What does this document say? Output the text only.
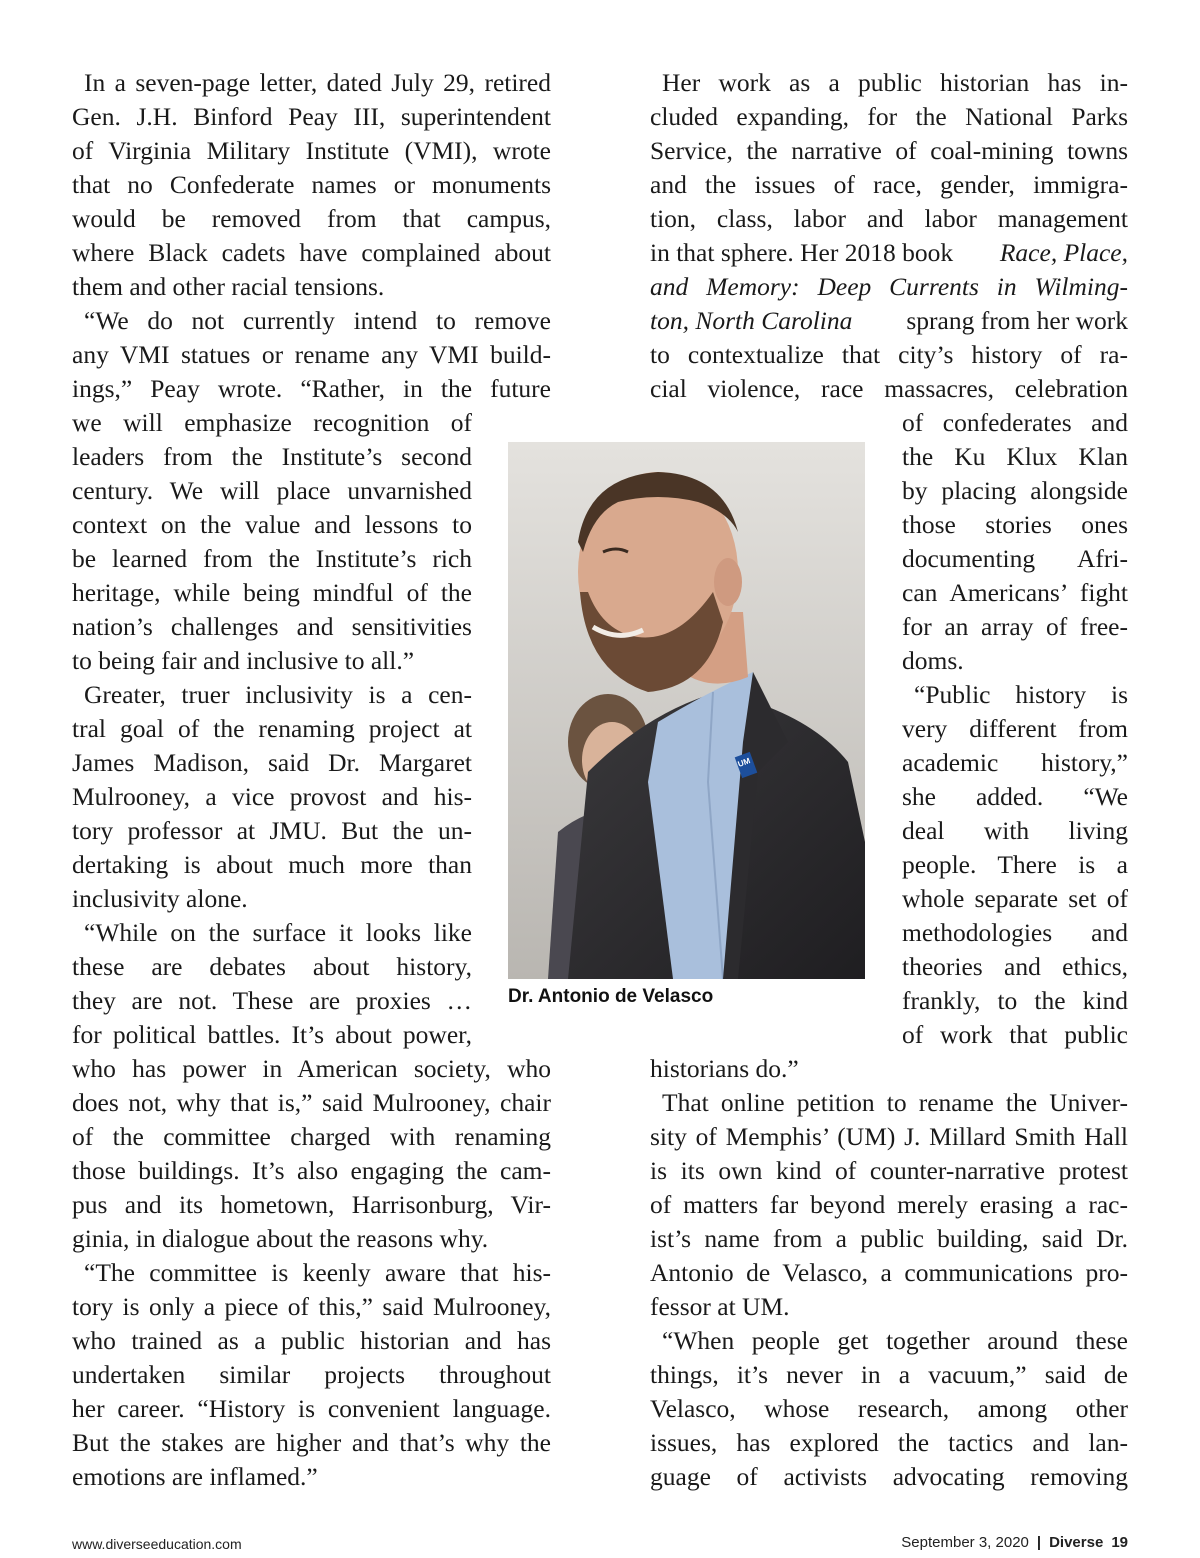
In a seven-page letter, dated July 29, retired
Gen. J.H. Binford Peay III, superintendent
of Virginia Military Institute (VMI), wrote
that no Confederate names or monuments
would be removed from that campus,
where Black cadets have complained about
them and other racial tensions.
“We do not currently intend to remove
any VMI statues or rename any VMI build-
ings,” Peay wrote. “Rather, in the future
we will emphasize recognition of
leaders from the Institute’s second
century. We will place unvarnished
context on the value and lessons to
be learned from the Institute’s rich
heritage, while being mindful of the
nation’s challenges and sensitivities
to being fair and inclusive to all.”
Greater, truer inclusivity is a cen-
tral goal of the renaming project at
James Madison, said Dr. Margaret
Mulrooney, a vice provost and his-
tory professor at JMU. But the un-
dertaking is about much more than
inclusivity alone.
“While on the surface it looks like
these are debates about history,
they are not. These are proxies …
for political battles. It’s about power,
who has power in American society, who
does not, why that is,” said Mulrooney, chair
of the committee charged with renaming
those buildings. It’s also engaging the cam-
pus and its hometown, Harrisonburg, Vir-
ginia, in dialogue about the reasons why.
“The committee is keenly aware that his-
tory is only a piece of this,” said Mulrooney,
who trained as a public historian and has
undertaken similar projects throughout
her career. “History is convenient language.
But the stakes are higher and that’s why the
emotions are inflamed.”
Her work as a public historian has in-
cluded expanding, for the National Parks
Service, the narrative of coal-mining towns
and the issues of race, gender, immigra-
tion, class, labor and labor management
in that sphere. Her 2018 book Race, Place,
and Memory: Deep Currents in Wilming-
ton, North Carolina sprang from her work
to contextualize that city’s history of ra-
cial violence, race massacres, celebration
of confederates and
the Ku Klux Klan
by placing alongside
those stories ones
documenting Afri-
can Americans’ fight
for an array of free-
doms.
“Public history is
very different from
academic history,”
she added. “We
deal with living
people. There is a
whole separate set of
methodologies and
theories and ethics,
frankly, to the kind
of work that public
historians do.”
That online petition to rename the Univer-
sity of Memphis’ (UM) J. Millard Smith Hall
is its own kind of counter-narrative protest
of matters far beyond merely erasing a rac-
ist’s name from a public building, said Dr.
Antonio de Velasco, a communications pro-
fessor at UM.
“When people get together around these
things, it’s never in a vacuum,” said de
Velasco, whose research, among other
issues, has explored the tactics and lan-
guage of activists advocating removing
UM
Dr. Antonio de Velasco
www.diverseeducation.com	September 3, 2020 | Diverse 19
